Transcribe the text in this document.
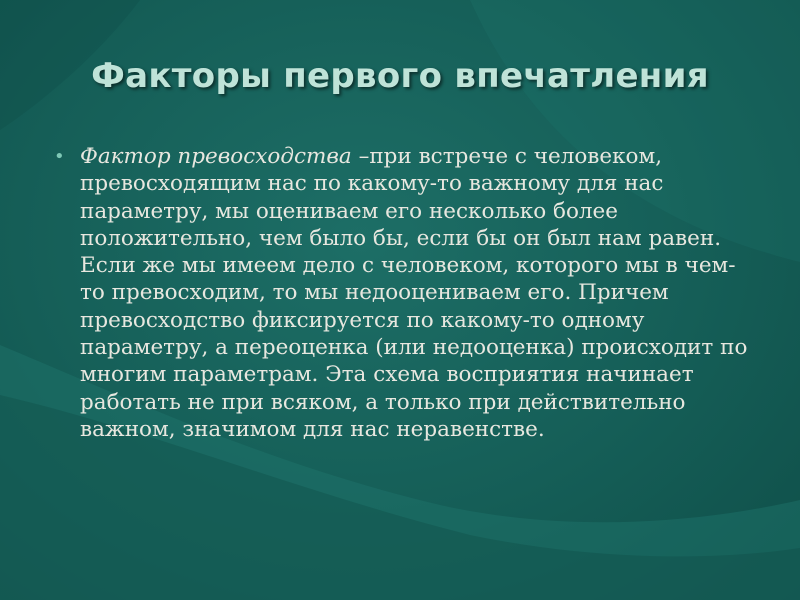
Факторы первого впечатления
• Фактор превосходства –при встрече с человеком, превосходящим нас по какому-то важному для нас параметру, мы оцениваем его несколько более положительно, чем было бы, если бы он был нам равен. Если же мы имеем дело с человеком, которого мы в чем-то превосходим, то мы недооцениваем его. Причем превосходство фиксируется по какому-то одному параметру, а переоценка (или недооценка) происходит по многим параметрам. Эта схема восприятия начинает работать не при всяком, а только при действительно важном, значимом для нас неравенстве.
